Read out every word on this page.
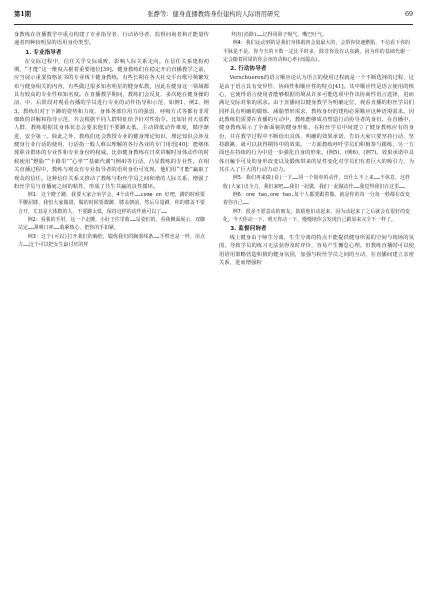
第1期	张静等：健身直播教练身份建构的人际语用研究	69

身教练在直播教学中重点构建了专业指导者、行动协导者、监督问询者和正能量传递者四种较明显的语用身份类型。

1. 专业指导者

在交际过程中，信任关乎交际成败，影响人际关系走向。在信任关系建构初期，“才能”这一维度占据着重要地位[39]。健身教练们在稳定开启直播教学之前，应当展示重要资格证书的专业线下健身教练，有些长期在各大社交平台歌号频繁发布与健身相关的内容，有些做过很多知名明星的健身私教，因此在健身这一领域都具有较高的专业性和知名度。在直播教学期间，教练们会反复、多次地在健身操的前、中、后阶段对观看直播的学员进行专业的动作指导和示范，如例1、例2、例3。教练们对于下蹲的姿势和力度、身体各部位用力的强弱，呼吸方式等都有非常细致的讲解和指导示范，并会根据不同人群特征给予针对性指令。比如针对大基数人群，教练根据其身体状态会要求他们不要蹲太低，主动降低动作难度，循序渐进，安全第一。除此之外，教练们还会教授专业的健身理论知识，理论知识会涉及健身行业行话的使用，行话指一般人难以理解的各行各业的专门用语[40]：能够体现职业群体的专业性和专业身份的权威。比如健身教练在日常讲解时身体动作的时候使用“燃脂”“卡路里”“心率”“基础代谢”(例4)等行话，凸显教练的专业性。在相关直播过程中，教练与观众有专业指导者的语用身份可发现，他们用“才能”赢取了观众的信任。这种信任关系又推动了教练与粉丝学员之间和谐的人际关系，增强了粉丝学员与直播间之间的粘性，形成了共生共赢的良性循环。

例1：这个瞪子蹲，我要大家合举学会。4个动作……come on 好吧，蹲的时候要平腰屈膝，我怕大家做错，做的时候要微蹲，膝盖朝前，然后尽量蹲，你的膝盖不要合开。尤其是大体数的人，不要蹲太低，保持这样的动作就可以了……

例2：看我的手肘，这一个走腰，小肚子往里收……站姿们的，看我侧面展示，双脚站定……鼻吸口呼……收紧核心，把你的手扣紧。

例3：这个(可以)打开我们的胸腔，锻炼我们的胸部线条……手臂也是一样，用点力……这个可以把女生最讨厌的拜

拜肉(消除)……记得用鼻子吸气，嘴巴吐气。

例4：我们运动到的是我们身体肌肉会量最大的，会帮你快速燃脂，不信看下你的平脉是不是。你今天的卡数一定比平时多，除非你没有认真跳，因为你的基础代谢一定会随着同周的你会身的动和心率(而提高)。

2. 行动协导者

Verschueren的语言顺应论认为语言的使用过程就是一个不断选择的过程，这是由于语言具有变异性、协商性和顺应性的特点[41]。其中顺应性是语言使用的核心，它使得语言使用者能够根据语境从许多可能选项中作出协商性语言选择，进而满足交际对象的需求。由于直播间以健身教学为明确定位，观看直播的粉丝学员们同样具有明确的锻炼、减脂塑形需求，教练身份的建构必须顺应这种语境需求。因此教练们需要在直播的互动中，教练能够成功塑造行动协导者的身份。在直播中，健身教练展示了全新面貌的健身形象，在粉丝学员中间建立了健身教练应有的身份，并在教学过程中不断给出具体、明确的效果承诺，告诉大家只要坚持行动、坚持跟跳，就可以获得期待中的效果。一方面教练呼吁学员们积极参与跟练，另一方面也在持续的行为中进一步强化自身的形象。(例5)、(例6)、(例7)。效果承诺中具体且触手可及的身形改变以及锻炼带来的显性变化对学员们有着巨大的吸引力，为其注入了巨大的行动力动力。

例5：我们再来做(看)一下……同一个简单的动作，出什么不上来……不休息，这样收(大家)出全力，我们来吧……我们一起做，我们一起做动作……我觉得我们在这里……

例6：one two,one two,每个人都要跟着做，就是你的每一分每一秒都在改变着你自己……

例7：很多不愿意动的朋友，鼓励他们动起来，因为动起来了之后就会有很好的变化，今天你动一下，明天你动一下，慢慢地你会发现自己跟原来完全不一样了。

3. 监督问询者

线上健身由于师生分离，生生分离的特点不能提供健身所需的空间与现场的氛围，导致学员的练习无法获得及时评价，容易产生懈怠心理。但教练直播时可以使用语用策略营造积极的健身氛围，加强与粉丝学员之间的互动，在直播间建立亲密关系，进而增强粉
